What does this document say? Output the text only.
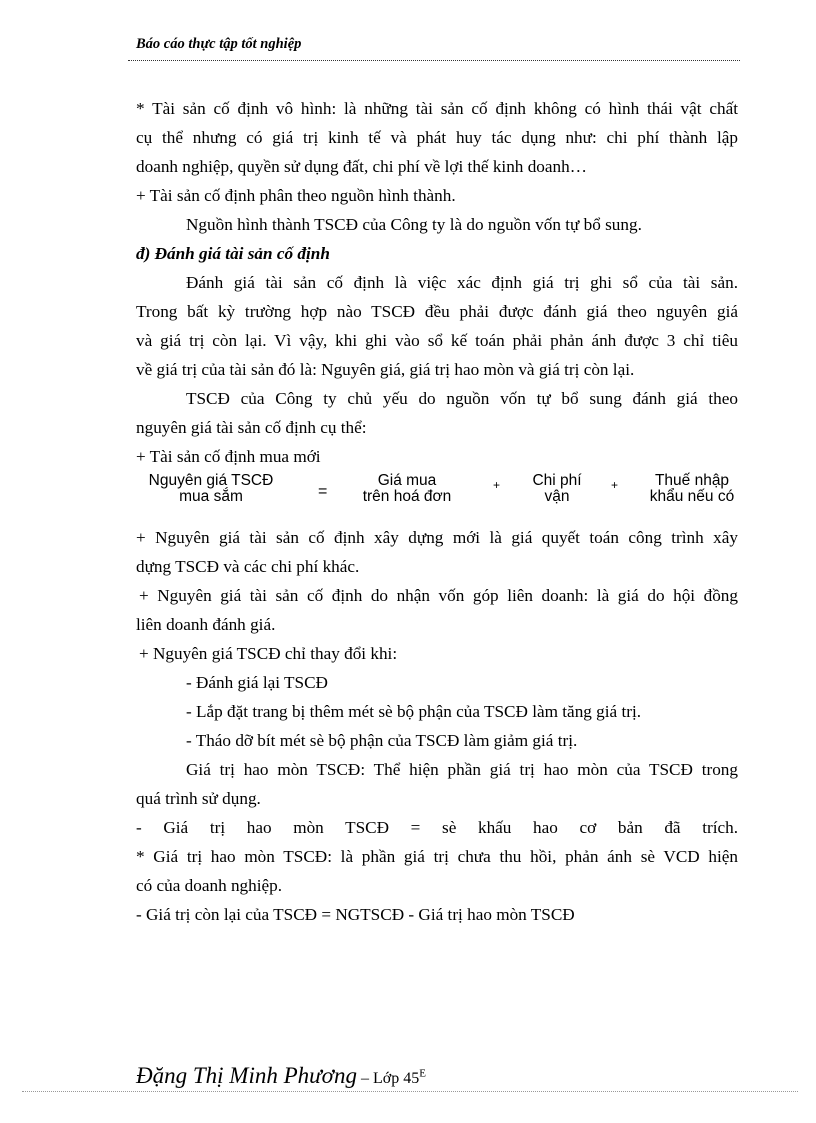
Báo cáo thực tập tốt nghiệp
* Tài sản cố định vô hình: là những tài sản cố định không có hình thái vật chất
cụ thể nhưng có giá trị kinh tế và phát huy tác dụng như: chi phí thành lập
doanh nghiệp, quyền sử dụng đất, chi phí về lợi thế kinh doanh…
+ Tài sản cố định phân theo nguồn hình thành.
Nguồn hình thành TSCĐ của Công ty là do nguồn vốn tự bổ sung.
đ) Đánh giá tài sản cố định
Đánh giá tài sản cố định là việc xác định giá trị ghi sổ của tài sản.
Trong bất kỳ trường hợp nào TSCĐ đều phải được đánh giá theo nguyên giá
và giá trị còn lại. Vì vậy, khi ghi vào sổ kế toán phải phản ánh được 3 chỉ tiêu
về giá trị của tài sản đó là: Nguyên giá, giá trị hao mòn và giá trị còn lại.
TSCĐ của Công ty chủ yếu do nguồn vốn tự bổ sung đánh giá theo
nguyên giá tài sản cố định cụ thể:
+ Tài sản cố định mua mới
Nguyên giá TSCĐ
mua sắm	=
Giá mua
trên hoá đơn
+	Chi phí
vận
+	Thuế nhập
khẩu nếu có
+ Nguyên giá tài sản cố định xây dựng mới là giá quyết toán công trình xây
dựng TSCĐ và các chi phí khác.
+ Nguyên giá tài sản cố định do nhận vốn góp liên doanh: là giá do hội đồng
liên doanh đánh giá.
+ Nguyên giá TSCĐ chỉ thay đổi khi:
- Đánh giá lại TSCĐ
- Lắp đặt trang bị thêm mét sè bộ phận của TSCĐ làm tăng giá trị.
- Tháo dỡ bít mét sè bộ phận của TSCĐ làm giảm giá trị.
Giá trị hao mòn TSCĐ: Thể hiện phần giá trị hao mòn của TSCĐ trong
quá trình sử dụng.
- Giá trị hao mòn TSCĐ = sè khấu hao cơ bản đã trích.
* Giá trị hao mòn TSCĐ: là phần giá trị chưa thu hồi, phản ánh sè VCD hiện
có của doanh nghiệp.
- Giá trị còn lại của TSCĐ = NGTSCĐ - Giá trị hao mòn TSCĐ
Đặng Thị Minh Phương – Lớp $45^E$
